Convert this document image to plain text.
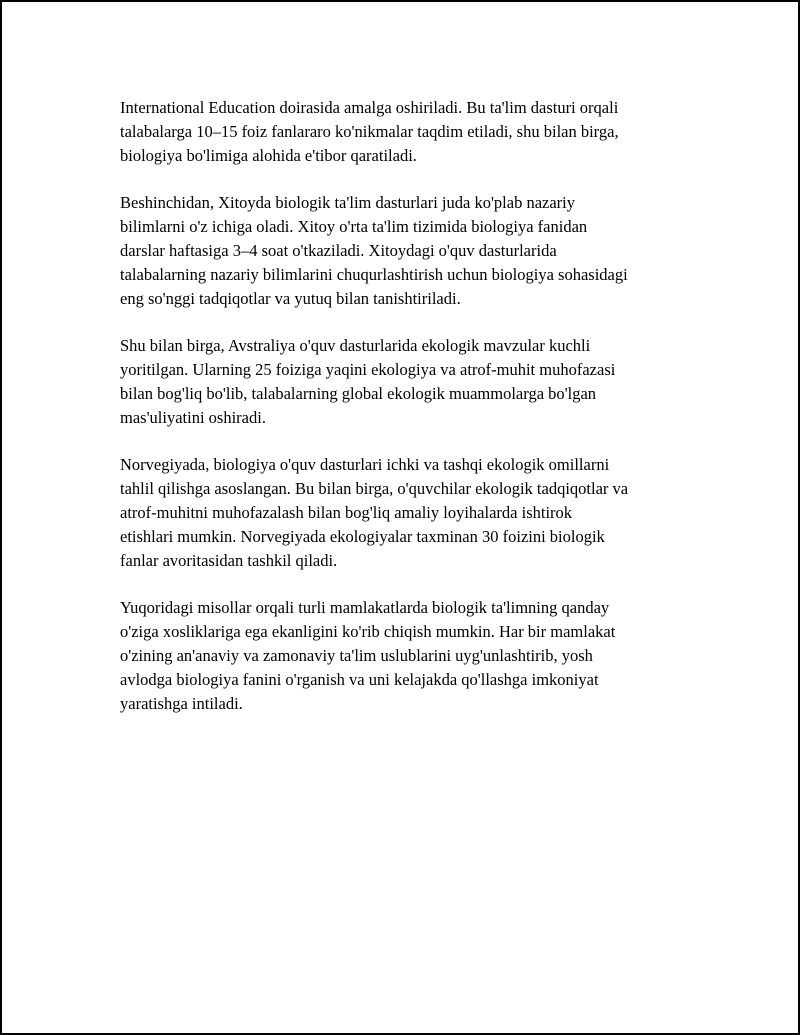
International Education doirasida amalga oshiriladi. Bu ta'lim dasturi orqali
talabalarga 10–15 foiz fanlararo ko'nikmalar taqdim etiladi, shu bilan birga,
biologiya bo'limiga alohida e'tibor qaratiladi.

Beshinchidan, Xitoyda biologik ta'lim dasturlari juda ko'plab nazariy
bilimlarni o'z ichiga oladi. Xitoy o'rta ta'lim tizimida biologiya fanidan
darslar haftasiga 3–4 soat o'tkaziladi. Xitoydagi o'quv dasturlarida
talabalarning nazariy bilimlarini chuqurlashtirish uchun biologiya sohasidagi
eng so'nggi tadqiqotlar va yutuq bilan tanishtiriladi.

Shu bilan birga, Avstraliya o'quv dasturlarida ekologik mavzular kuchli
yoritilgan. Ularning 25 foiziga yaqini ekologiya va atrof-muhit muhofazasi
bilan bog'liq bo'lib, talabalarning global ekologik muammolarga bo'lgan
mas'uliyatini oshiradi.

Norvegiyada, biologiya o'quv dasturlari ichki va tashqi ekologik omillarni
tahlil qilishga asoslangan. Bu bilan birga, o'quvchilar ekologik tadqiqotlar va
atrof-muhitni muhofazalash bilan bog'liq amaliy loyihalarda ishtirok
etishlari mumkin. Norvegiyada ekologiyalar taxminan 30 foizini biologik
fanlar avoritasidan tashkil qiladi.

Yuqoridagi misollar orqali turli mamlakatlarda biologik ta'limning qanday
o'ziga xosliklariga ega ekanligini ko'rib chiqish mumkin. Har bir mamlakat
o'zining an'anaviy va zamonaviy ta'lim uslublarini uyg'unlashtirib, yosh
avlodga biologiya fanini o'rganish va uni kelajakda qo'llashga imkoniyat
yaratishga intiladi.
